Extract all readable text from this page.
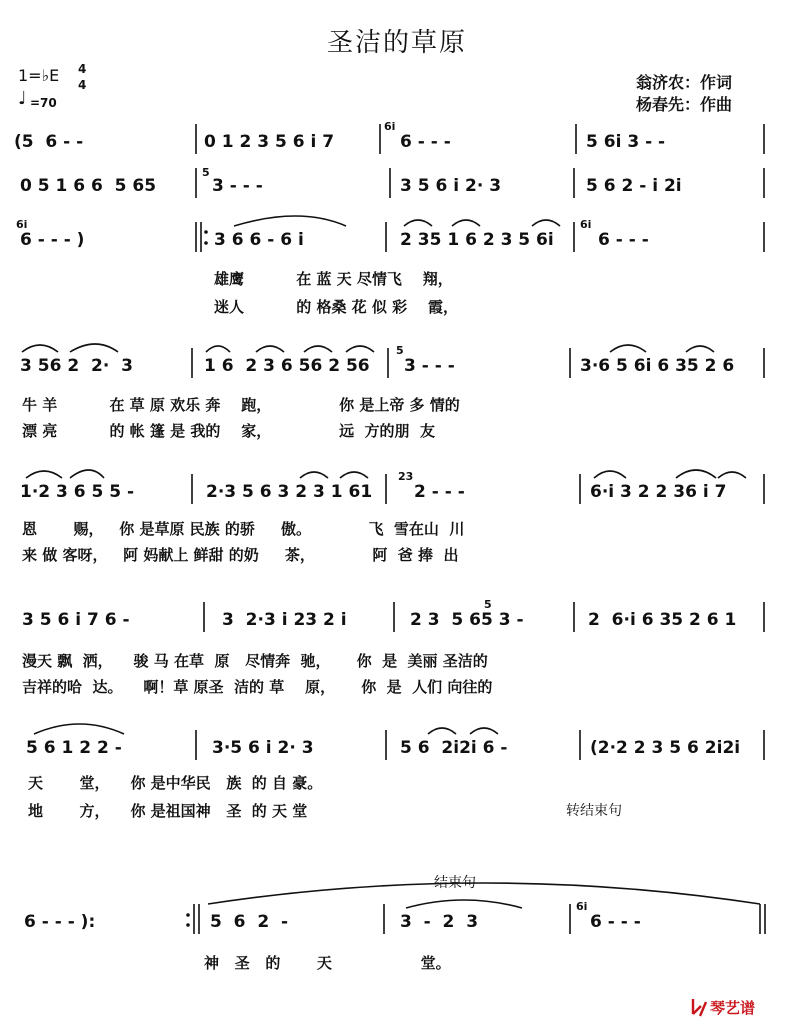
圣洁的草原
1=♭E 4
4
♩ =70
翁济农：作词
杨春先：作曲
(5  6 - -	0 1 2 3 5 6 i 7
6i
6 - - -	5 6i 3 - -
0 5 1 6 6  5 65
5
3 - - -	3 5 6 i 2· 3	5 6 2 - i 2i
6i
6 - - - )	3 6 6 - 6 i	2 35 1 6 2 3 5 6i
6i
6 - - -
雄鹰          在 蓝 天 尽情飞    翔，
迷人          的 格桑 花 似 彩    霞，
3 56 2  2·  3	1 6  2 3 6 56 2 56
5
3 - - -	3·6 5 6i 6 35 2 6
牛 羊          在 草 原 欢乐 奔    跑，             你 是上帝 多 情的
漂 亮          的 帐 篷 是 我的    家，             远  方的朋  友
1·2 3 6 5 5 -	2·3 5 6 3 2 3 1 61
23
2 - - -	6·i 3 2 2 36 i 7
恩       赐，   你 是草原 民族 的骄     傲。           飞  雪在山  川
来 做 客呀，   阿 妈献上 鲜甜 的奶     茶，           阿  爸 捧  出
3 5 6 i 7 6 -	3  2·3 i 23 2 i
5
2 3  5 65 3 -	2  6·i 6 35 2 6 1
漫天 飘  洒，    骏 马 在草  原   尽情奔  驰，     你  是  美丽 圣洁的
吉祥的哈  达。    啊！草 原圣  洁的 草    原，     你  是  人们 向往的
5 6 1 2 2 -	3·5 6 i 2· 3	5 6  2i2i 6 -	(2·2 2 3 5 6 2i2i
天       堂，    你 是中华民   族  的 自 豪。
地       方，    你 是祖国神   圣  的 天 堂	转结束句
结束句
6 - - - ):	5  6  2  -	3  -  2  3
6i
6 - - -
神   圣   的       天                 堂。
琴艺谱
